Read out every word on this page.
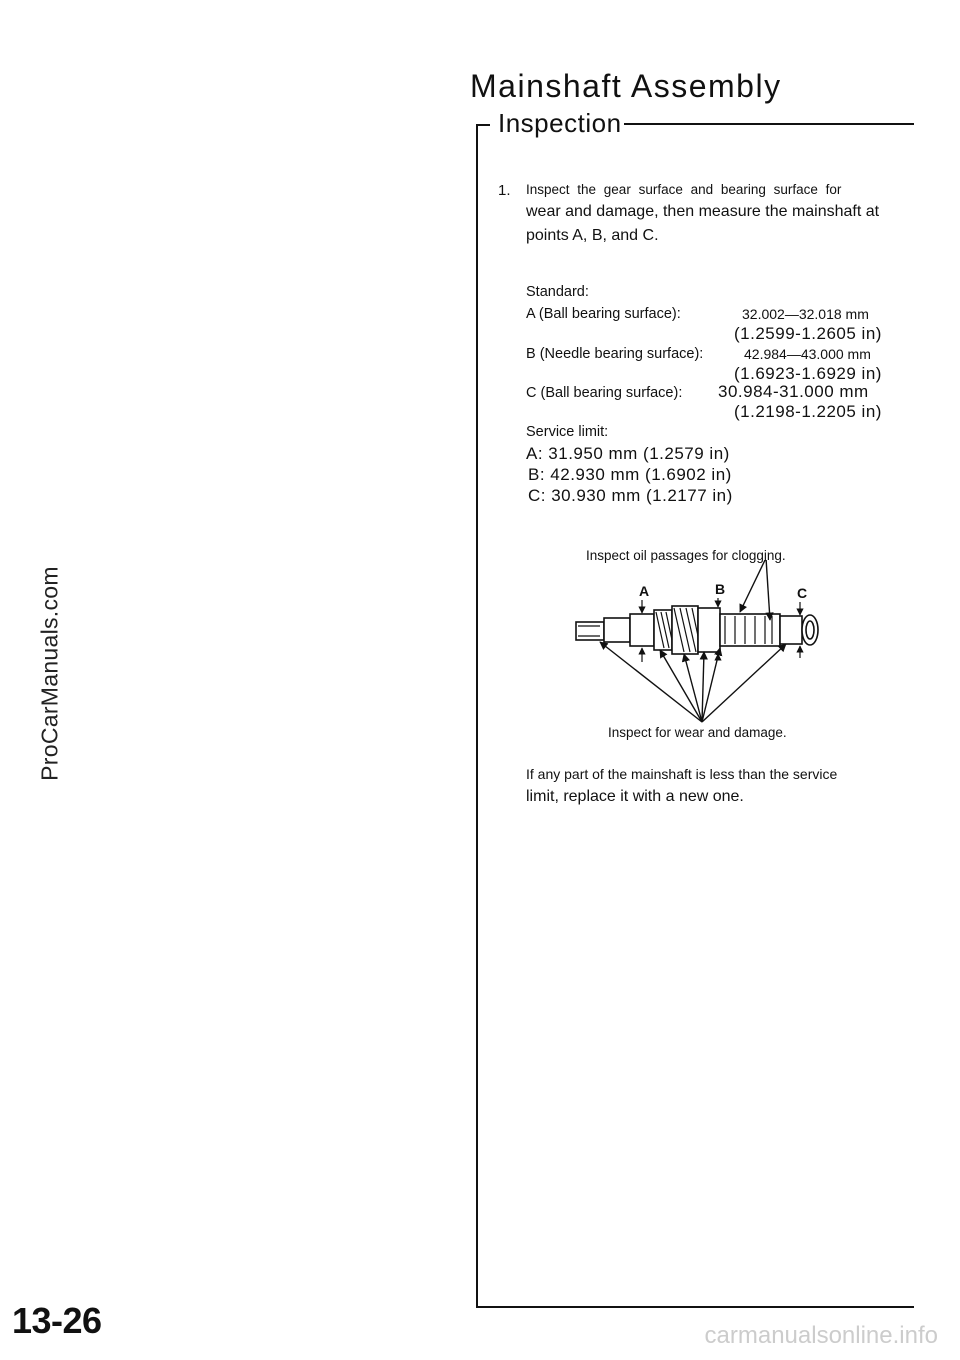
ProCarManuals.com
Mainshaft Assembly
Inspection
1. Inspect the gear surface and bearing surface for
wear and damage, then measure the mainshaft at
points A, B, and C.
Standard:
A (Ball bearing surface):	32.002—32.018 mm
(1.2599-1.2605 in)
B (Needle bearing surface):	42.984—43.000 mm
(1.6923-1.6929 in)
C (Ball bearing surface): 30.984-31.000 mm
(1.2198-1.2205 in)
Service limit:
A: 31.950 mm (1.2579 in)
B: 42.930 mm (1.6902 in)
C: 30.930 mm (1.2177 in)
Inspect oil passages for clogging.
A	B	C
Inspect for wear and damage.
If any part of the mainshaft is less than the service
limit, replace it with a new one.
13-26	carmanualsonline.info
